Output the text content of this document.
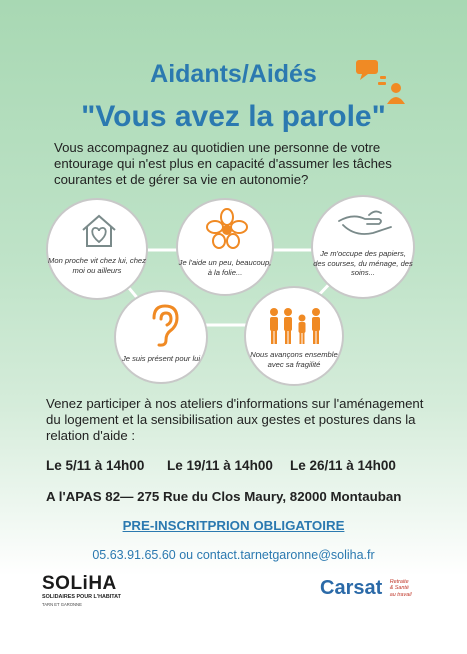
Aidants/Aidés
"Vous avez la parole"
Vous accompagnez au quotidien une personne de votre entourage qui n'est plus en capacité d'assumer les tâches courantes et de gérer sa vie en autonomie?
Mon proche vit chez lui, chez moi ou ailleurs
Je l'aide un peu, beaucoup, à la folie...
Je m'occupe des papiers, des courses, du ménage, des soins...
Je suis présent pour lui	Nous avançons ensemble avec sa fragilité
Venez participer à nos ateliers d'informations sur l'aménagement du logement et la sensibilisation aux gestes et postures dans la relation d'aide :
Le 5/11 à 14h00 Le 19/11 à 14h00 Le 26/11 à 14h00
A l'APAS 82— 275 Rue du Clos Maury, 82000 Montauban
PRE-INSCRITPRION OBLIGATOIRE
05.63.91.65.60 ou contact.tarnetgaronne@soliha.fr
SOLiHA
SOLIDAIRES POUR L'HABITAT
TARN ET GARONNE
Carsat Retraite
& Santé
au travail
